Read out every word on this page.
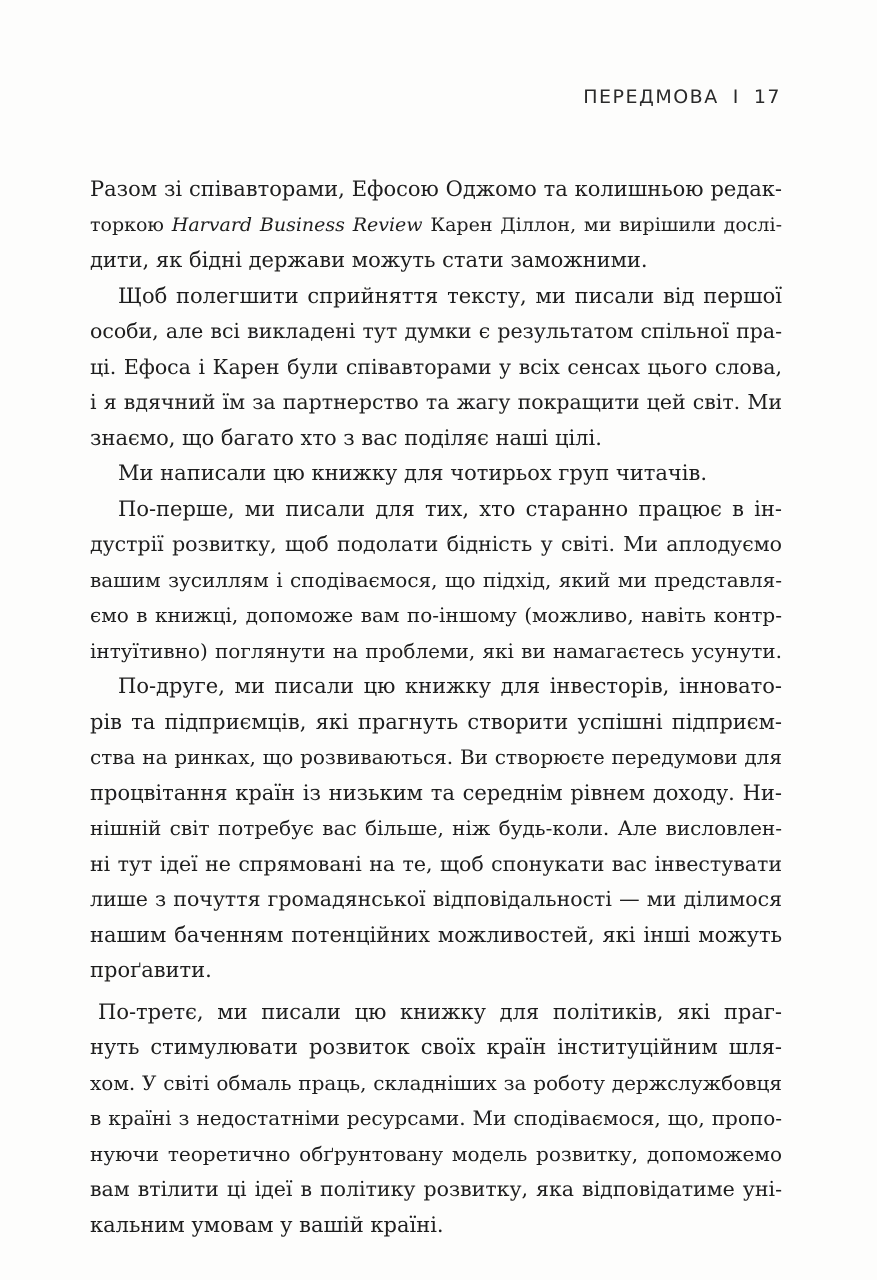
ПЕРЕДМОВА I 17
Разом зі співавторами, Ефосою Оджомо та колишньою редак-
торкою Harvard Business Review Карен Діллон, ми вирішили дослі-
дити, як бідні держави можуть стати заможними.
Щоб полегшити сприйняття тексту, ми писали від першої
особи, але всі викладені тут думки є результатом спільної пра-
ці. Ефоса і Карен були співавторами у всіх сенсах цього слова,
і я вдячний їм за партнерство та жагу покращити цей світ. Ми
знаємо, що багато хто з вас поділяє наші цілі.
Ми написали цю книжку для чотирьох груп читачів.
По-перше, ми писали для тих, хто старанно працює в ін-
дустрії розвитку, щоб подолати бідність у світі. Ми аплодуємо
вашим зусиллям і сподіваємося, що підхід, який ми представля-
ємо в книжці, допоможе вам по-іншому (можливо, навіть контр-
інтуїтивно) поглянути на проблеми, які ви намагаєтесь усунути.
По-друге, ми писали цю книжку для інвесторів, інновато-
рів та підприємців, які прагнуть створити успішні підприєм-
ства на ринках, що розвиваються. Ви створюєте передумови для
процвітання країн із низьким та середнім рівнем доходу. Ни-
нішній світ потребує вас більше, ніж будь-коли. Але висловлен-
ні тут ідеї не спрямовані на те, щоб спонукати вас інвестувати
лише з почуття громадянської відповідальності — ми ділимося
нашим баченням потенційних можливостей, які інші можуть
проґавити.
По-третє, ми писали цю книжку для політиків, які праг-
нуть стимулювати розвиток своїх країн інституційним шля-
хом. У світі обмаль праць, складніших за роботу держслужбовця
в країні з недостатніми ресурсами. Ми сподіваємося, що, пропо-
нуючи теоретично обґрунтовану модель розвитку, допоможемо
вам втілити ці ідеї в політику розвитку, яка відповідатиме уні-
кальним умовам у вашій країні.
